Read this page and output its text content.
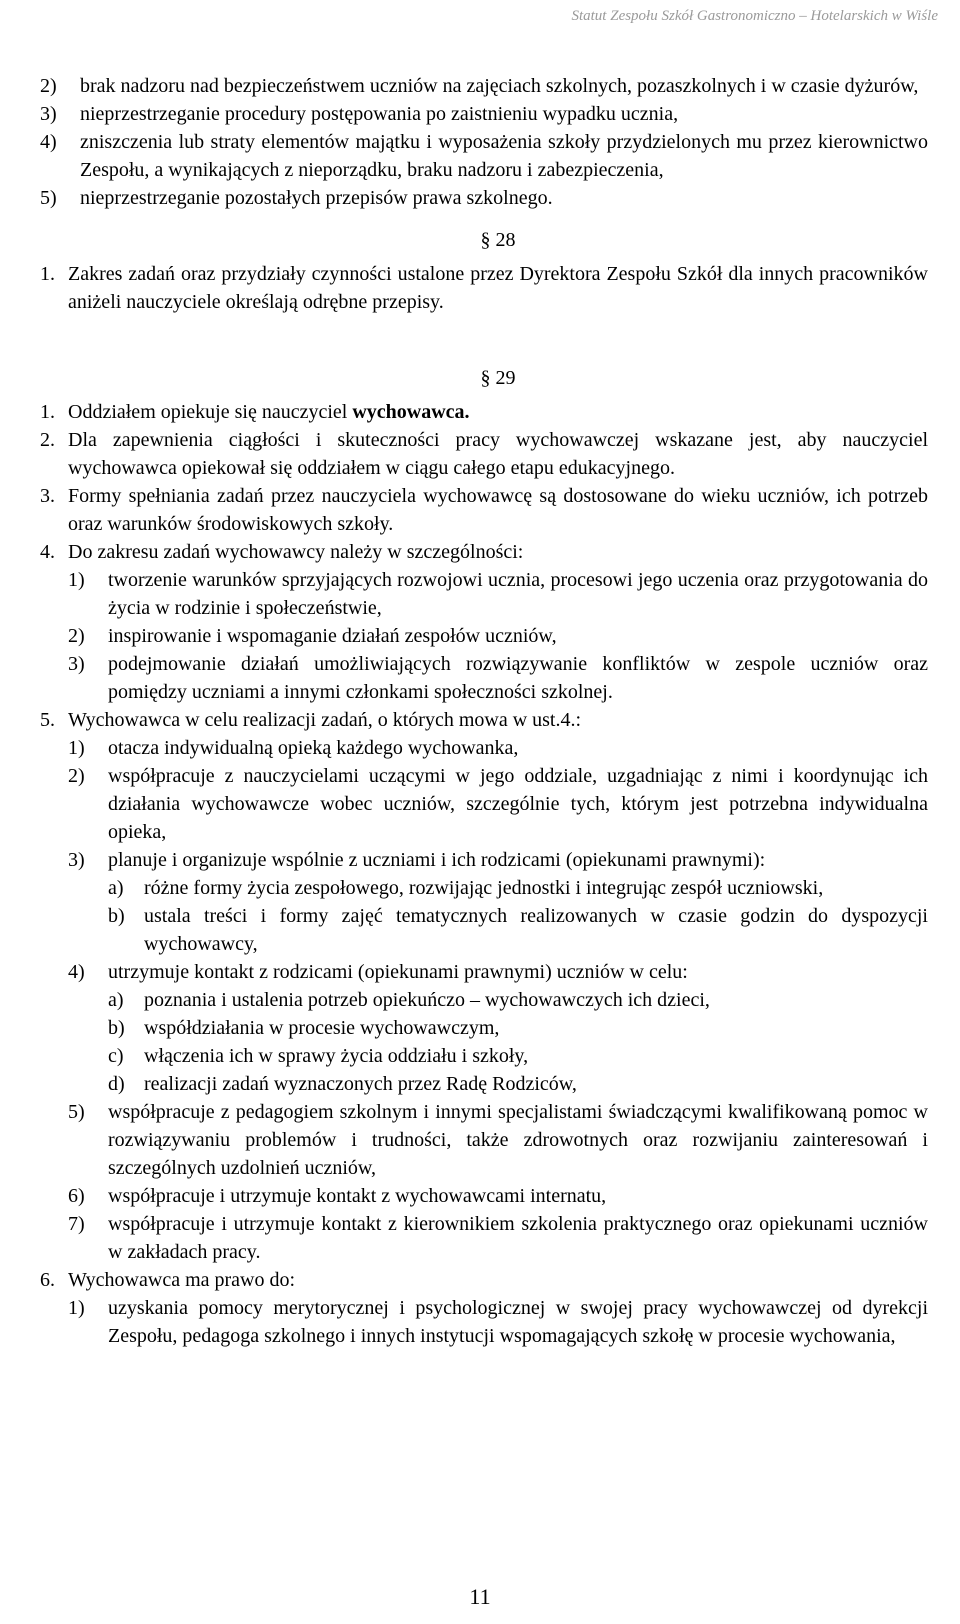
Statut Zespołu Szkół Gastronomiczno – Hotelarskich w Wiśle
2)	brak nadzoru nad bezpieczeństwem uczniów na zajęciach szkolnych, pozaszkolnych i w czasie dyżurów,
3)	nieprzestrzeganie procedury postępowania po zaistnieniu wypadku ucznia,
4)	zniszczenia lub straty elementów majątku i wyposażenia szkoły przydzielonych mu przez kierownictwo Zespołu, a wynikających z nieporządku, braku nadzoru i zabezpieczenia,
5)	nieprzestrzeganie pozostałych przepisów prawa szkolnego.
§ 28
1. Zakres zadań oraz przydziały czynności ustalone przez Dyrektora Zespołu Szkół dla innych pracowników aniżeli nauczyciele określają odrębne przepisy.
§ 29
1. Oddziałem opiekuje się nauczyciel wychowawca.
2. Dla zapewnienia ciągłości i skuteczności pracy wychowawczej wskazane jest, aby nauczyciel wychowawca opiekował się oddziałem w ciągu całego etapu edukacyjnego.
3. Formy spełniania zadań przez nauczyciela wychowawcę są dostosowane do wieku uczniów, ich potrzeb oraz warunków środowiskowych szkoły.
4. Do zakresu zadań wychowawcy należy w szczególności:
1)	tworzenie warunków sprzyjających rozwojowi ucznia, procesowi jego uczenia oraz przygotowania do życia w rodzinie i społeczeństwie,
2)	inspirowanie i wspomaganie działań zespołów uczniów,
3)	podejmowanie działań umożliwiających rozwiązywanie konfliktów w zespole uczniów oraz pomiędzy uczniami a innymi członkami społeczności szkolnej.
5. Wychowawca w celu realizacji zadań, o których mowa w ust.4.:
1)	otacza indywidualną opieką każdego wychowanka,
2)	współpracuje z nauczycielami uczącymi w jego oddziale, uzgadniając z nimi i koordynując ich działania wychowawcze wobec uczniów, szczególnie tych, którym jest potrzebna indywidualna opieka,
3)	planuje i organizuje wspólnie z uczniami i ich rodzicami (opiekunami prawnymi):
a)	różne formy życia zespołowego, rozwijając jednostki i integrując zespół uczniowski,
b) ustala treści i formy zajęć tematycznych realizowanych w czasie godzin do dyspozycji wychowawcy,
4)	utrzymuje kontakt z rodzicami (opiekunami prawnymi) uczniów w celu:
a)	poznania i ustalenia potrzeb opiekuńczo – wychowawczych ich dzieci,
b) współdziałania w procesie wychowawczym,
c)	włączenia ich w sprawy życia oddziału i szkoły,
d) realizacji zadań wyznaczonych przez Radę Rodziców,
5)	współpracuje z pedagogiem szkolnym i innymi specjalistami świadczącymi kwalifikowaną pomoc w rozwiązywaniu problemów i trudności, także zdrowotnych oraz rozwijaniu zainteresowań i szczególnych uzdolnień uczniów,
6)	współpracuje i utrzymuje kontakt z wychowawcami internatu,
7)	współpracuje i utrzymuje kontakt z kierownikiem szkolenia praktycznego oraz opiekunami uczniów w zakładach pracy.
6. Wychowawca ma prawo do:
1)	uzyskania pomocy merytorycznej i psychologicznej w swojej pracy wychowawczej od dyrekcji Zespołu, pedagoga szkolnego i innych instytucji wspomagających szkołę w procesie wychowania,
11
